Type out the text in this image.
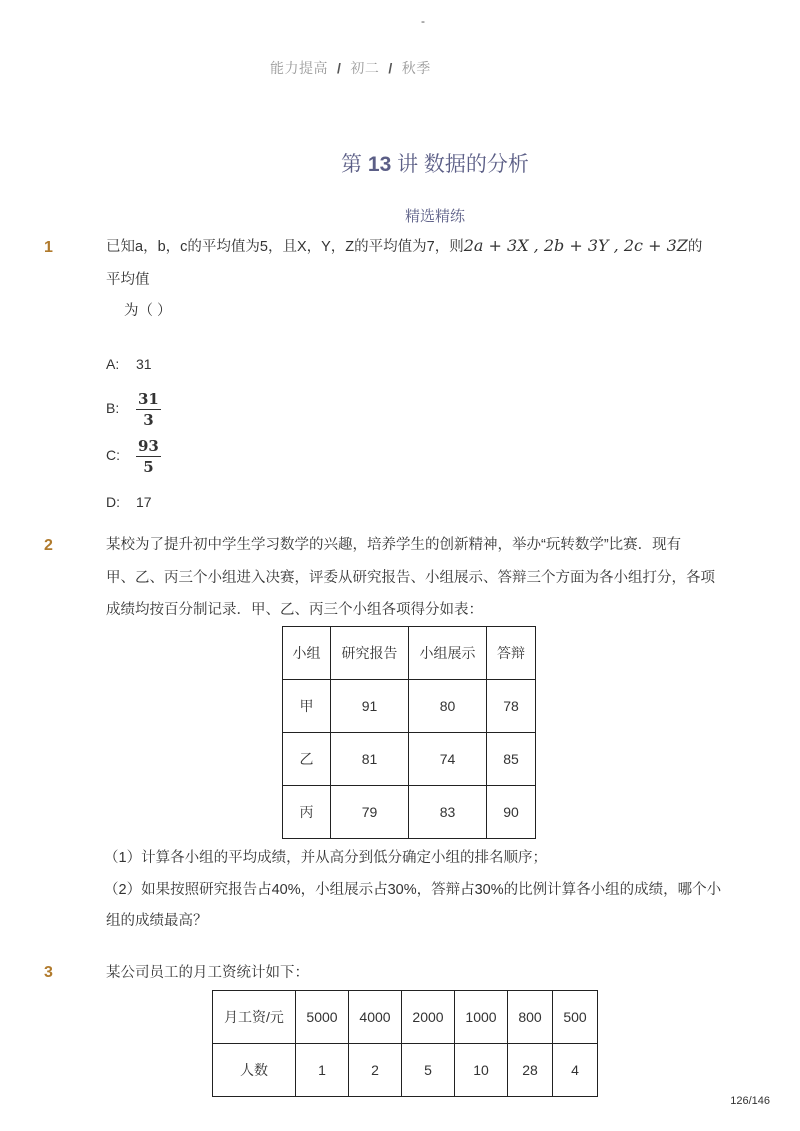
-
能力提高 / 初二 / 秋季
第 13 讲 数据的分析
精选精练
1	已知a，b，c的平均值为5，且X，Y，Z的平均值为7，则2a + 3X , 2b + 3Y , 2c + 3Z的
平均值
为（ ）
A: 31
B: $\frac{31}{3}$
C: $\frac{93}{5}$
D: 17
2	某校为了提升初中学生学习数学的兴趣，培养学生的创新精神，举办“玩转数学”比赛．现有
甲、乙、丙三个小组进入决赛，评委从研究报告、小组展示、答辩三个方面为各小组打分，各项
成绩均按百分制记录．甲、乙、丙三个小组各项得分如表：
小组	研究报告	小组展示	答辩
甲	91	80	78
乙	81	74	85
丙	79	83	90
（1）计算各小组的平均成绩，并从高分到低分确定小组的排名顺序；
（2）如果按照研究报告占40%，小组展示占30%，答辩占30%的比例计算各小组的成绩，哪个小
组的成绩最高？
3	某公司员工的月工资统计如下：
月工资/元	5000	4000	2000	1000	800	500
人数	1	2	5	10	28	4
126/146
